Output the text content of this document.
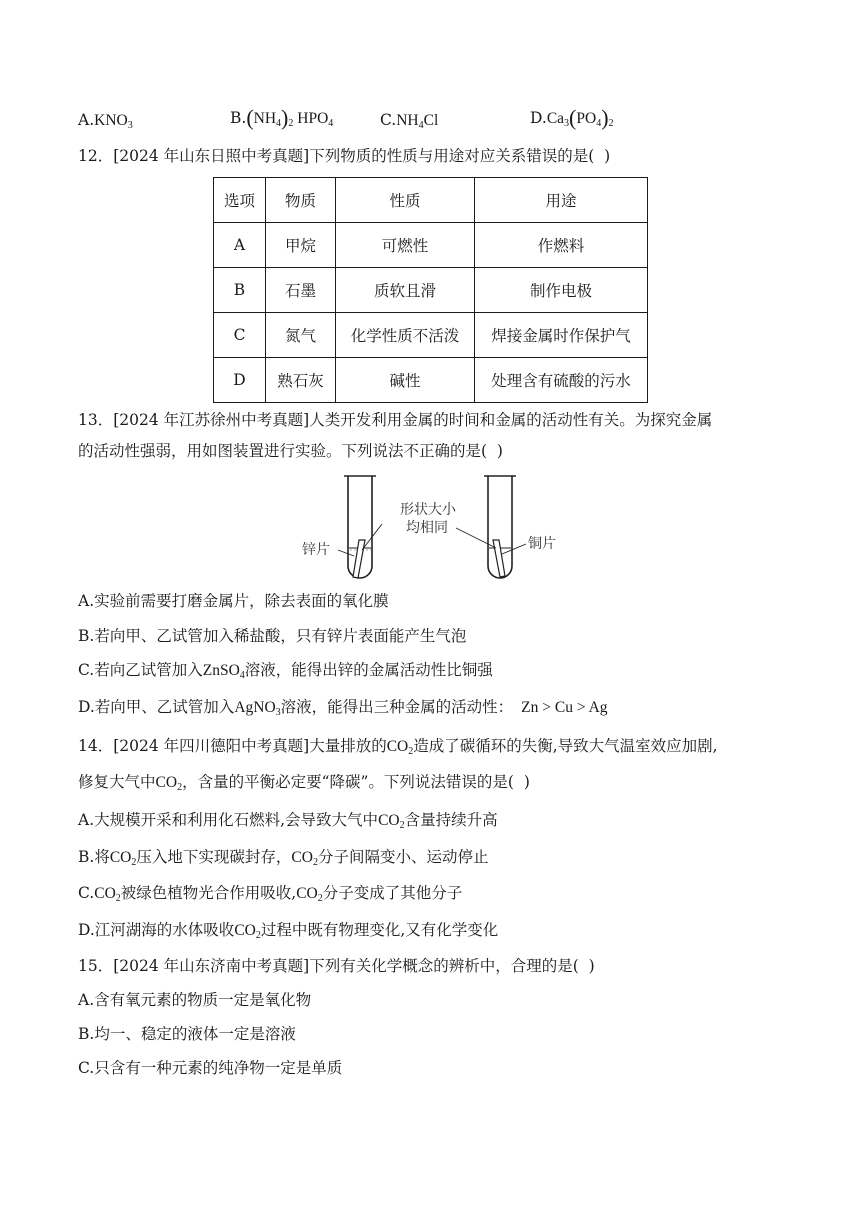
$A.KNO_3$	$B.(NH_4)_2$ $HPO_4$	$C.NH_4Cl$	$D.Ca_3(PO_4)_2$
12．[2024 年山东日照中考真题]下列物质的性质与用途对应关系错误的是(  )
选项	物质	性质	用途
A	甲烷	可燃性	作燃料
B	石墨	质软且滑	制作电极
C	氮气	化学性质不活泼	焊接金属时作保护气
D	熟石灰	碱性	处理含有硫酸的污水
13．[2024 年江苏徐州中考真题]人类开发利用金属的时间和金属的活动性有关。为探究金属
的活动性强弱，用如图装置进行实验。下列说法不正确的是(  )
锌片
形状大小
均相同
铜片
A.实验前需要打磨金属片，除去表面的氧化膜
B.若向甲、乙试管加入稀盐酸，只有锌片表面能产生气泡
C.若向乙试管加入ZnSO$_4$溶液，能得出锌的金属活动性比铜强
D.若向甲、乙试管加入AgNO$_3$溶液，能得出三种金属的活动性： Zn > Cu > Ag
14．[2024 年四川德阳中考真题]大量排放的$CO_2$造成了碳循环的失衡,导致大气温室效应加剧,
修复大气中$CO_2$，含量的平衡必定要“降碳”。下列说法错误的是(  )
A.大规模开采和利用化石燃料,会导致大气中$CO_2$含量持续升高
B.将$CO_2$压入地下实现碳封存，$CO_2$分子间隔变小、运动停止
$C.CO_2$被绿色植物光合作用吸收$,CO_2$分子变成了其他分子
D.江河湖海的水体吸收$CO_2$过程中既有物理变化,又有化学变化
15．[2024 年山东济南中考真题]下列有关化学概念的辨析中，合理的是(  )
A.含有氧元素的物质一定是氧化物
B.均一、稳定的液体一定是溶液
C.只含有一种元素的纯净物一定是单质
